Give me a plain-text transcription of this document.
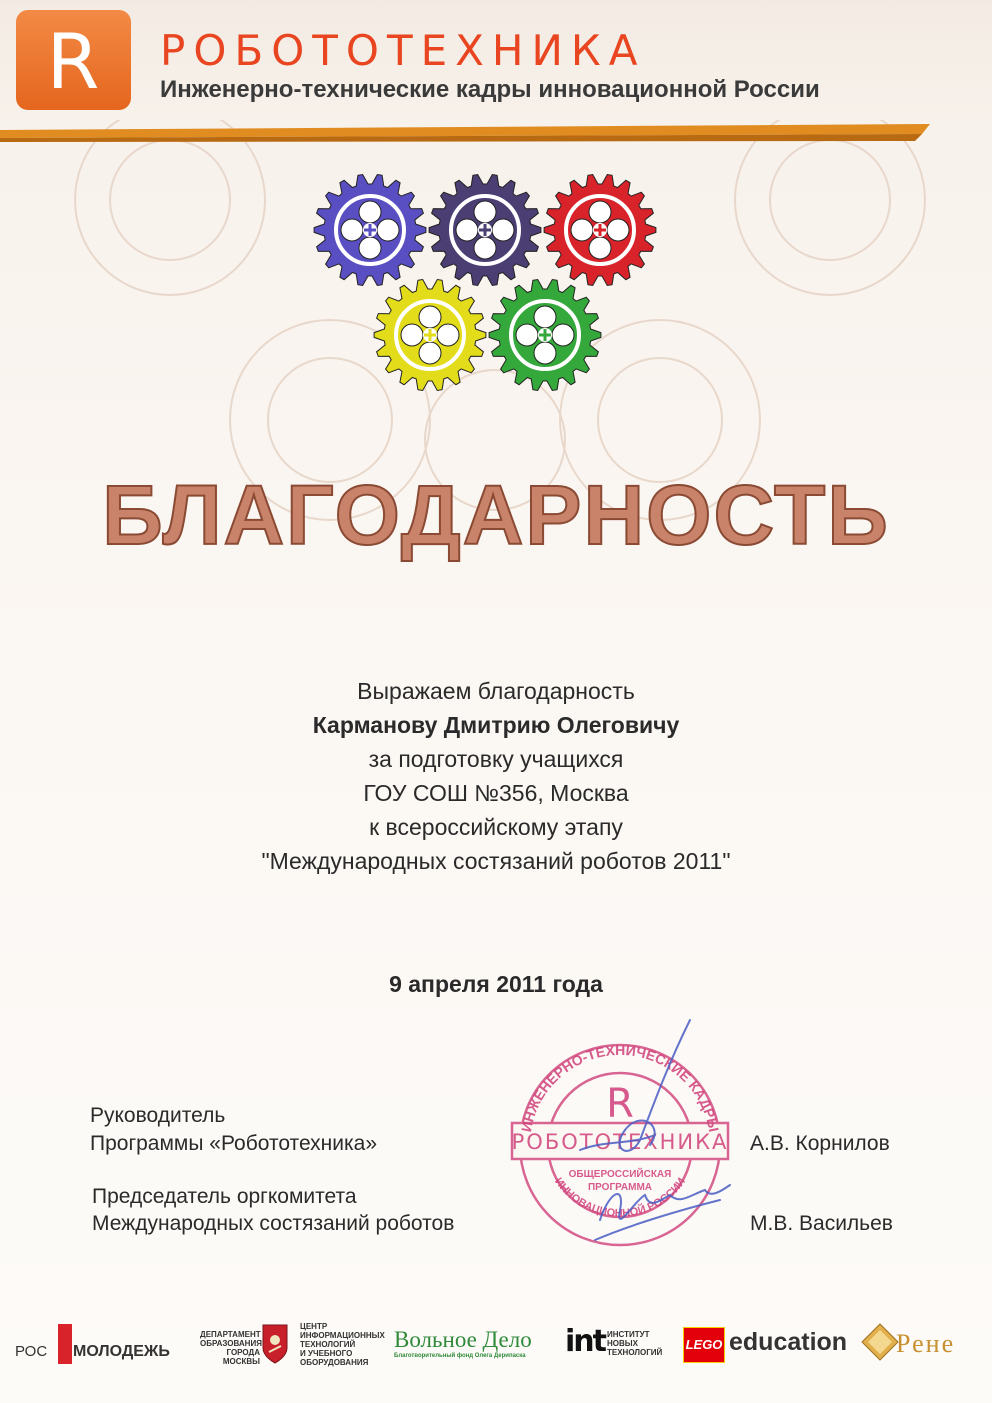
R РОБОТОТЕХНИКА
Инженерно-технические кадры инновационной России
БЛАГОДАРНОСТЬ
Выражаем благодарность
Карманову Дмитрию Олеговичу
за подготовку учащихся
ГОУ СОШ №356, Москва
к всероссийскому этапу
"Международных состязаний роботов 2011"
9 апреля 2011 года
ИНЖЕНЕРНО-ТЕХНИЧЕСКИЕ КАДРЫ
РОБОТОТЕХНИКА
ОБЩЕРОССИЙСКАЯ
ПРОГРАММА
ИННОВАЦИОННОЙ РОССИИ
R
Руководитель
Программы «Робототехника»	А.В. Корнилов
Председатель оргкомитета
Международных состязаний роботов	М.В. Васильев
РОС МОЛОДЕЖЬ
ДЕПАРТАМЕНТ
ОБРАЗОВАНИЯ
ГОРОДА МОСКВЫ
ЦЕНТР
ИНФОРМАЦИОННЫХ
ТЕХНОЛОГИЙ
И УЧЕБНОГО
ОБОРУДОВАНИЯ
Вольное Дело
Благотворительный фонд Олега Дерипаска	int ИНСТИТУТ
НОВЫХ
ТЕХНОЛОГИЙ
LEGO education Рене
